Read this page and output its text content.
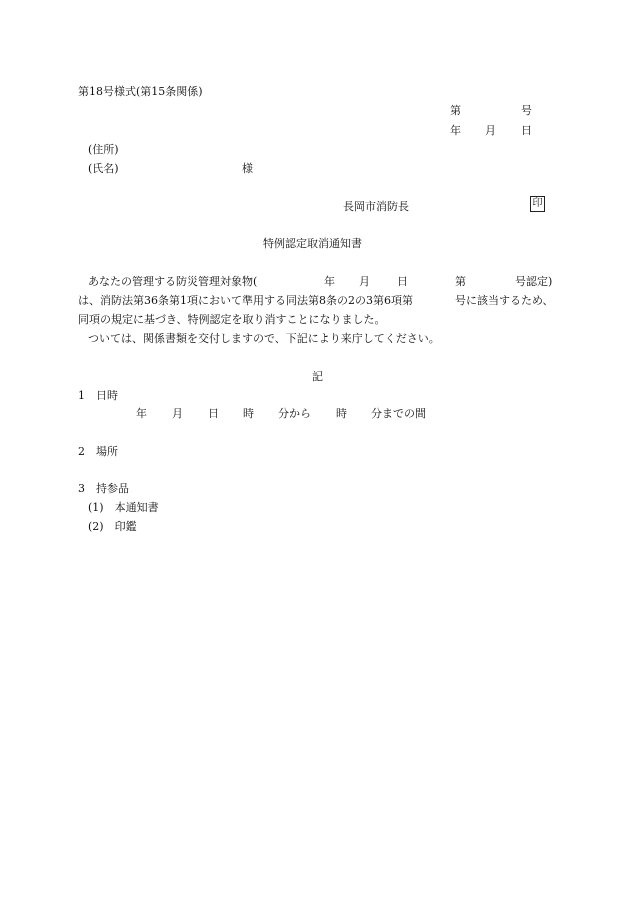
第18号様式(第15条関係)
第	号
年 月 日
(住所)
(氏名)	様
長岡市消防長	印
特例認定取消通知書
あなたの管理する防災管理対象物(	年 月 日	第	号認定)
は、消防法第36条第1項において準用する同法第8条の2の3第6項第	号に該当するため、
同項の規定に基づき、特例認定を取り消すことになりました。
ついては、関係書類を交付しますので、下記により来庁してください。
記
1　日時
年 月 日 時 分から 時 分までの間
2　場所
3　持参品
(1)　本通知書
(2)　印鑑
